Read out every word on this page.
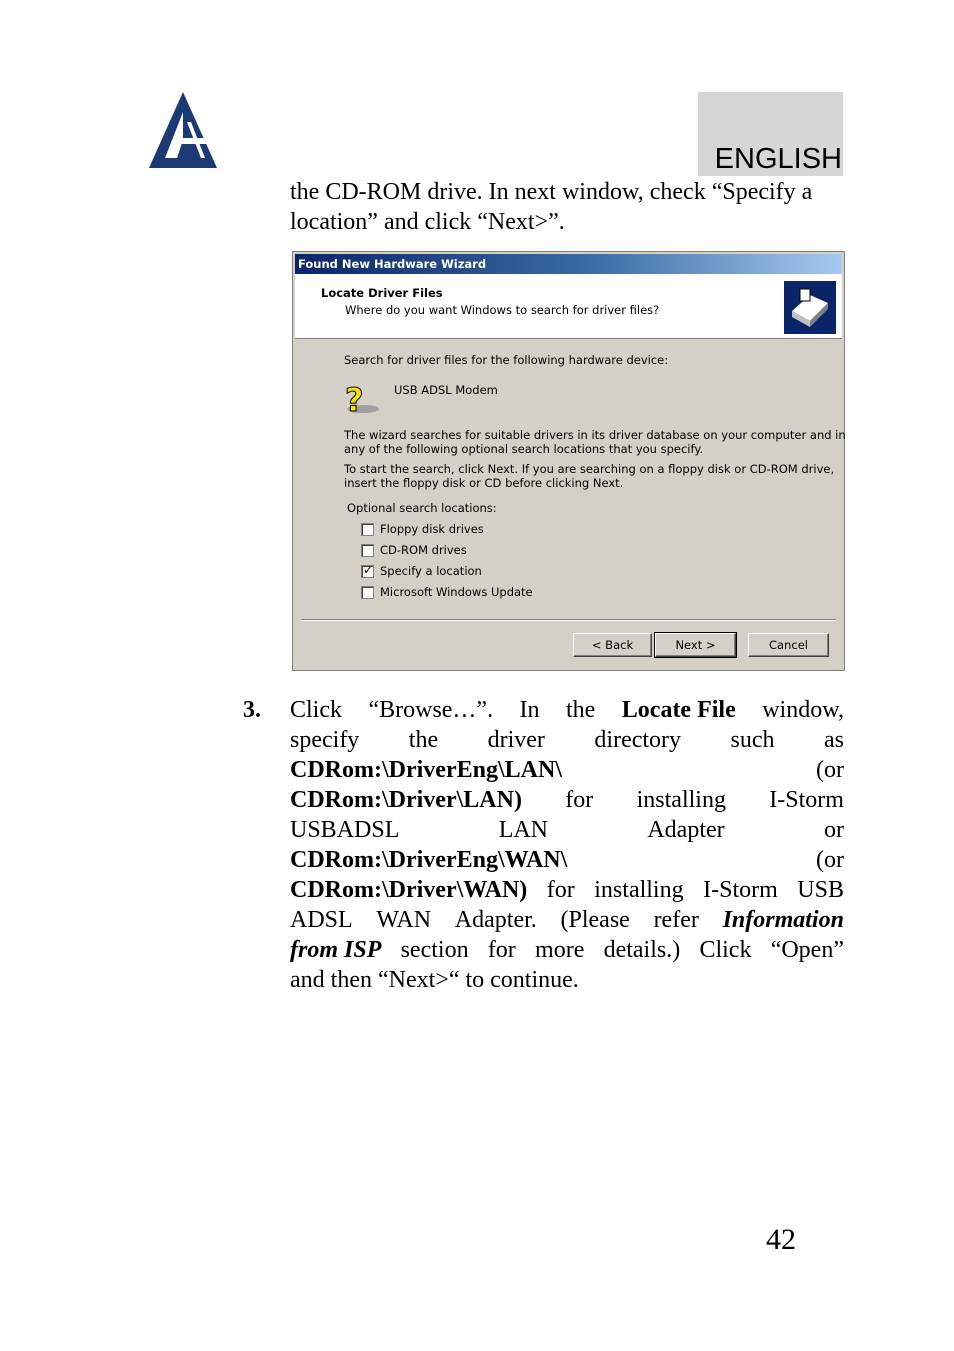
ENGLISH
the CD-ROM drive. In next window, check “Specify a location” and click “Next>”.
Found New Hardware Wizard
Locate Driver Files
Where do you want Windows to search for driver files?
Search for driver files for the following hardware device:
?	USB ADSL Modem
The wizard searches for suitable drivers in its driver database on your computer and in
any of the following optional search locations that you specify.
To start the search, click Next. If you are searching on a floppy disk or CD-ROM drive,
insert the floppy disk or CD before clicking Next.
Optional search locations:
Floppy disk drives
CD-ROM drives
✓ Specify a location
Microsoft Windows Update
< Back	Next >	Cancel
3. Click “Browse…”. In the Locate File window,
specify the driver directory such as
CDRom:\DriverEng\LAN\	(or
CDRom:\Driver\LAN) for installing I-Storm
USBADSL	LAN	Adapter	or
CDRom:\DriverEng\WAN\	(or
CDRom:\Driver\WAN) for installing I-Storm USB
ADSL WAN Adapter. (Please refer Information
from ISP section for more details.) Click “Open”
and then “Next>“ to continue.
42
